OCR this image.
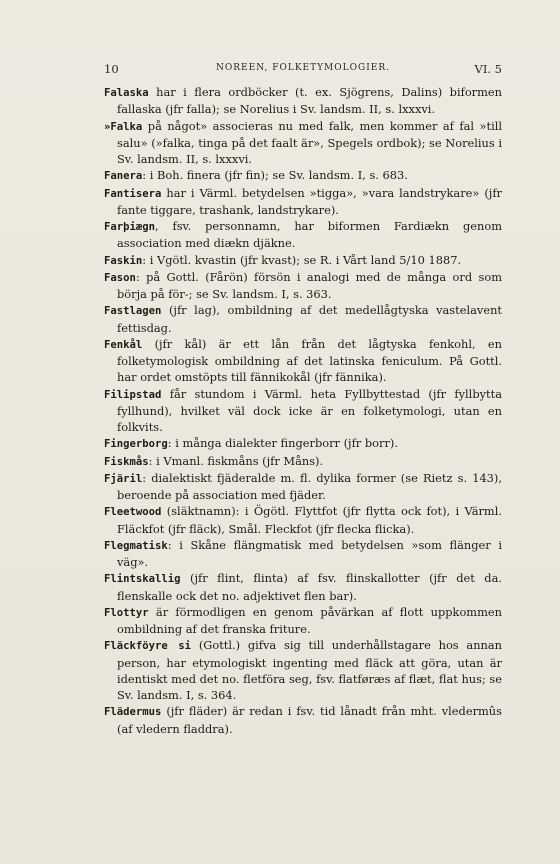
10	NOREEN, FOLKETYMOLOGIER.	VI. 5

Falaska har i flera ordböcker (t. ex. Sjögrens, Dalins) biformen fallaska (jfr falla); se Norelius i Sv. landsm. II, s. lxxxvi.

»Falka på något» associeras nu med falk, men kommer af fal »till salu» (»falka, tinga på det faalt är», Spegels ordbok); se Norelius i Sv. landsm. II, s. lxxxvi.

Fanera: i Boh. finera (jfr fin); se Sv. landsm. I, s. 683.

Fantisera har i Värml. betydelsen »tigga», »vara landstrykare» (jfr fante tiggare, trashank, landstrykare).

Farþiægn, fsv. personnamn, har biformen Fardiækn genom association med diækn djäkne.

Faskin: i Vgötl. kvastin (jfr kvast); se R. i Vårt land 5/10 1887.

Fason: på Gottl. (Fårön) försön i analogi med de många ord som börja på för-; se Sv. landsm. I, s. 363.

Fastlagen (jfr lag), ombildning af det medellågtyska vastelavent fettisdag.

Fenkål (jfr kål) är ett lån från det lågtyska fenkohl, en folketymologisk ombildning af det latinska feniculum. På Gottl. har ordet omstöpts till fännikokål (jfr fännika).

Filipstad får stundom i Värml. heta Fyllbyttestad (jfr fyllbytta fyllhund), hvilket väl dock icke är en folketymologi, utan en folkvits.

Fingerborg: i många dialekter fingerborr (jfr borr).

Fiskmås: i Vmanl. fiskmåns (jfr Måns).

Fjäril: dialektiskt fjäderalde m. fl. dylika former (se Rietz s. 143), beroende på association med fjäder.

Fleetwood (släktnamn): i Ögötl. Flyttfot (jfr flytta ock fot), i Värml. Fläckfot (jfr fläck), Smål. Fleckfot (jfr flecka flicka).

Flegmatisk: i Skåne flängmatisk med betydelsen »som flänger i väg».

Flintskallig (jfr flint, flinta) af fsv. flinskallotter (jfr det da. flenskalle ock det no. adjektivet flen bar).

Flottyr är förmodligen en genom påvärkan af flott uppkommen ombildning af det franska friture.

Fläckföyre si (Gottl.) gifva sig till underhållstagare hos annan person, har etymologiskt ingenting med fläck att göra, utan är identiskt med det no. fletföra seg, fsv. flatføræs af flæt, flat hus; se Sv. landsm. I, s. 364.

Flädermus (jfr fläder) är redan i fsv. tid lånadt från mht. vledermûs (af vledern fladdra).
